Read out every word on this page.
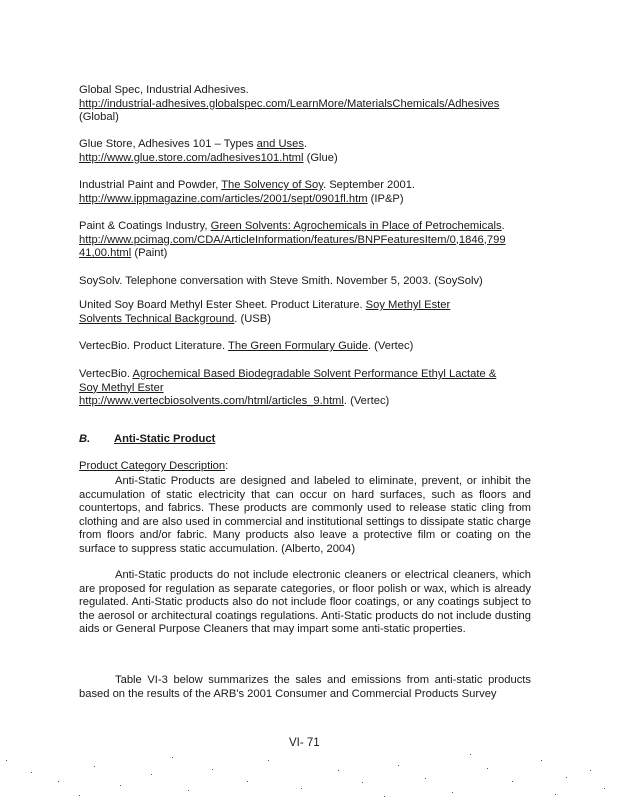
Global Spec, Industrial Adhesives.
http://industrial-adhesives.globalspec.com/LearnMore/MaterialsChemicals/Adhesives
(Global)
Glue Store, Adhesives 101 – Types and Uses.
http://www.glue.store.com/adhesives101.html (Glue)
Industrial Paint and Powder, The Solvency of Soy. September 2001.
http://www.ippmagazine.com/articles/2001/sept/0901fl.htm (IP&P)
Paint & Coatings Industry, Green Solvents: Agrochemicals in Place of Petrochemicals.
http://www.pcimag.com/CDA/ArticleInformation/features/BNPFeaturesItem/0,1846,799
41,00.html (Paint)
SoySolv. Telephone conversation with Steve Smith. November 5, 2003. (SoySolv)
United Soy Board Methyl Ester Sheet. Product Literature. Soy Methyl Ester
Solvents Technical Background. (USB)
VertecBio. Product Literature. The Green Formulary Guide. (Vertec)
VertecBio. Agrochemical Based Biodegradable Solvent Performance Ethyl Lactate &
Soy Methyl Ester
http://www.vertecbiosolvents.com/html/articles_9.html. (Vertec)
B. Anti-Static Product
Product Category Description:

Anti-Static Products are designed and labeled to eliminate, prevent, or inhibit the accumulation of static electricity that can occur on hard surfaces, such as floors and countertops, and fabrics. These products are commonly used to release static cling from clothing and are also used in commercial and institutional settings to dissipate static charge from floors and/or fabric. Many products also leave a protective film or coating on the surface to suppress static accumulation. (Alberto, 2004)

Anti-Static products do not include electronic cleaners or electrical cleaners, which are proposed for regulation as separate categories, or floor polish or wax, which is already regulated. Anti-Static products also do not include floor coatings, or any coatings subject to the aerosol or architectural coatings regulations. Anti-Static products do not include dusting aids or General Purpose Cleaners that may impart some anti-static properties.

Table VI-3 below summarizes the sales and emissions from anti-static products based on the results of the ARB's 2001 Consumer and Commercial Products Survey

VI- 71
